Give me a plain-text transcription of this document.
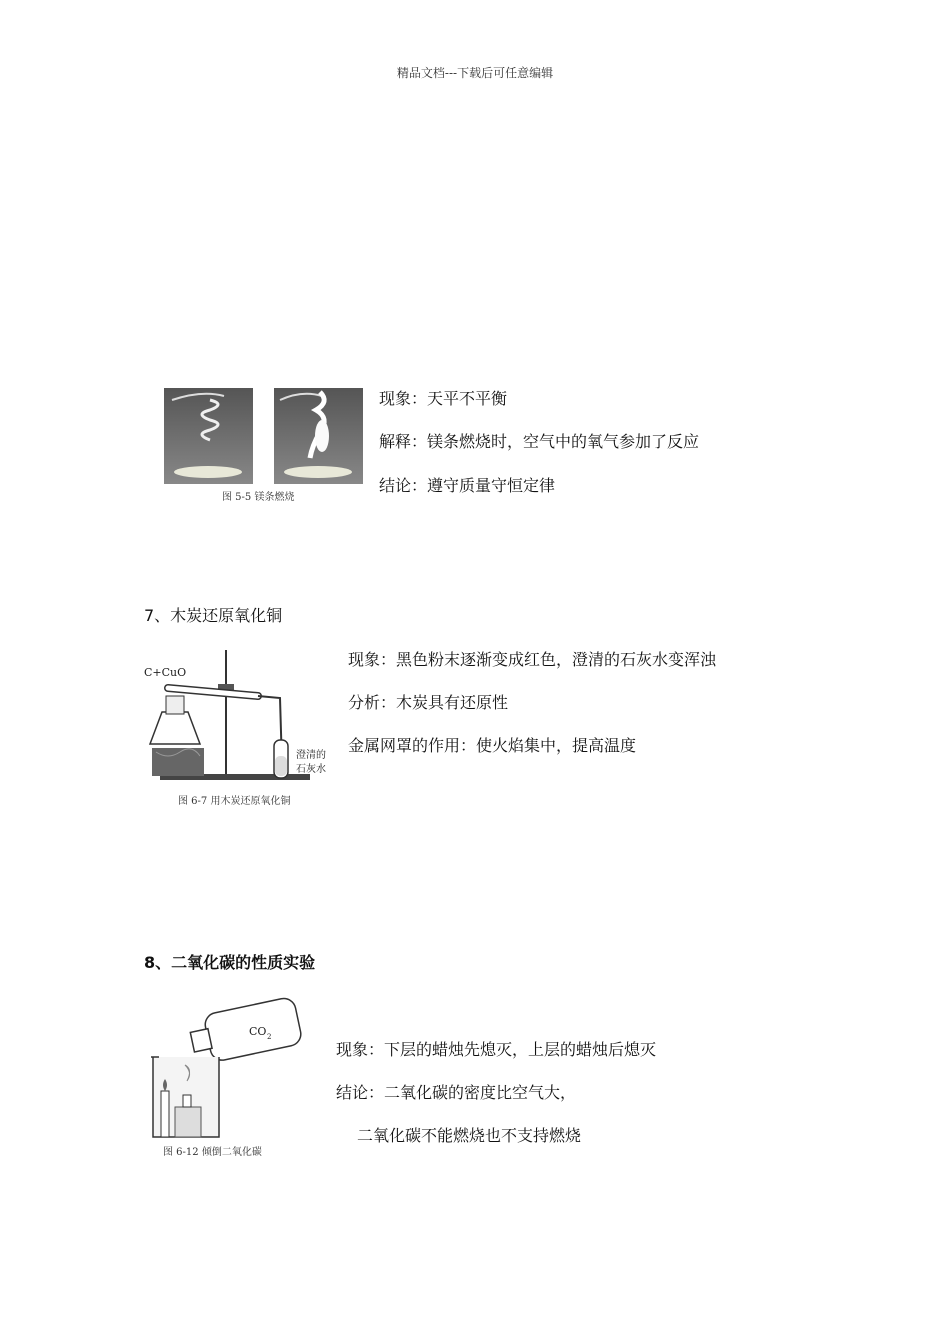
精品文档---下载后可任意编辑
图 5-5 镁条燃烧
现象：天平不平衡
解释：镁条燃烧时，空气中的氧气参加了反应
结论：遵守质量守恒定律
7、木炭还原氧化铜
C+CuO
澄清的
石灰水
图 6-7 用木炭还原氧化铜
现象：黑色粉末逐渐变成红色，澄清的石灰水变浑浊
分析：木炭具有还原性
金属网罩的作用：使火焰集中，提高温度
8、二氧化碳的性质实验
CO 2
图 6-12 倾倒二氧化碳
现象：下层的蜡烛先熄灭，上层的蜡烛后熄灭
结论：二氧化碳的密度比空气大，
二氧化碳不能燃烧也不支持燃烧
